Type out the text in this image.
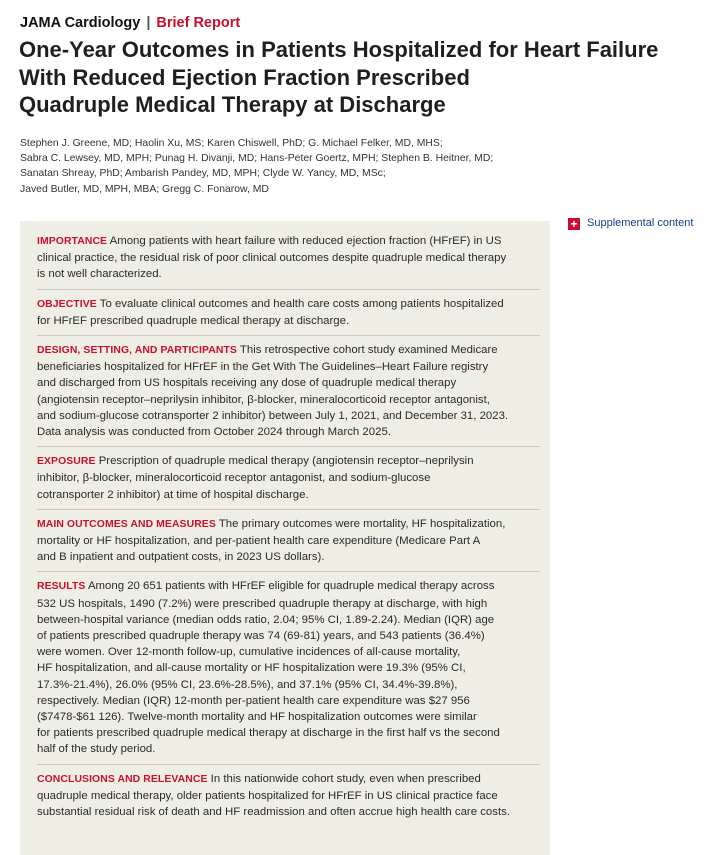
JAMA Cardiology | Brief Report
One-Year Outcomes in Patients Hospitalized for Heart Failure
With Reduced Ejection Fraction Prescribed
Quadruple Medical Therapy at Discharge
Stephen J. Greene, MD; Haolin Xu, MS; Karen Chiswell, PhD; G. Michael Felker, MD, MHS;
Sabra C. Lewsey, MD, MPH; Punag H. Divanji, MD; Hans-Peter Goertz, MPH; Stephen B. Heitner, MD;
Sanatan Shreay, PhD; Ambarish Pandey, MD, MPH; Clyde W. Yancy, MD, MSc;
Javed Butler, MD, MPH, MBA; Gregg C. Fonarow, MD
+ Supplemental content
IMPORTANCE Among patients with heart failure with reduced ejection fraction (HFrEF) in US
clinical practice, the residual risk of poor clinical outcomes despite quadruple medical therapy
is not well characterized.
OBJECTIVE To evaluate clinical outcomes and health care costs among patients hospitalized
for HFrEF prescribed quadruple medical therapy at discharge.
DESIGN, SETTING, AND PARTICIPANTS This retrospective cohort study examined Medicare
beneficiaries hospitalized for HFrEF in the Get With The Guidelines–Heart Failure registry
and discharged from US hospitals receiving any dose of quadruple medical therapy
(angiotensin receptor–neprilysin inhibitor, β-blocker, mineralocorticoid receptor antagonist,
and sodium-glucose cotransporter 2 inhibitor) between July 1, 2021, and December 31, 2023.
Data analysis was conducted from October 2024 through March 2025.
EXPOSURE Prescription of quadruple medical therapy (angiotensin receptor–neprilysin
inhibitor, β-blocker, mineralocorticoid receptor antagonist, and sodium-glucose
cotransporter 2 inhibitor) at time of hospital discharge.
MAIN OUTCOMES AND MEASURES The primary outcomes were mortality, HF hospitalization,
mortality or HF hospitalization, and per-patient health care expenditure (Medicare Part A
and B inpatient and outpatient costs, in 2023 US dollars).
RESULTS Among 20 651 patients with HFrEF eligible for quadruple medical therapy across
532 US hospitals, 1490 (7.2%) were prescribed quadruple therapy at discharge, with high
between-hospital variance (median odds ratio, 2.04; 95% CI, 1.89-2.24). Median (IQR) age
of patients prescribed quadruple therapy was 74 (69-81) years, and 543 patients (36.4%)
were women. Over 12-month follow-up, cumulative incidences of all-cause mortality,
HF hospitalization, and all-cause mortality or HF hospitalization were 19.3% (95% CI,
17.3%-21.4%), 26.0% (95% CI, 23.6%-28.5%), and 37.1% (95% CI, 34.4%-39.8%),
respectively. Median (IQR) 12-month per-patient health care expenditure was $27 956
($7478-$61 126). Twelve-month mortality and HF hospitalization outcomes were similar
for patients prescribed quadruple medical therapy at discharge in the first half vs the second
half of the study period.
CONCLUSIONS AND RELEVANCE In this nationwide cohort study, even when prescribed
quadruple medical therapy, older patients hospitalized for HFrEF in US clinical practice face
substantial residual risk of death and HF readmission and often accrue high health care costs.
